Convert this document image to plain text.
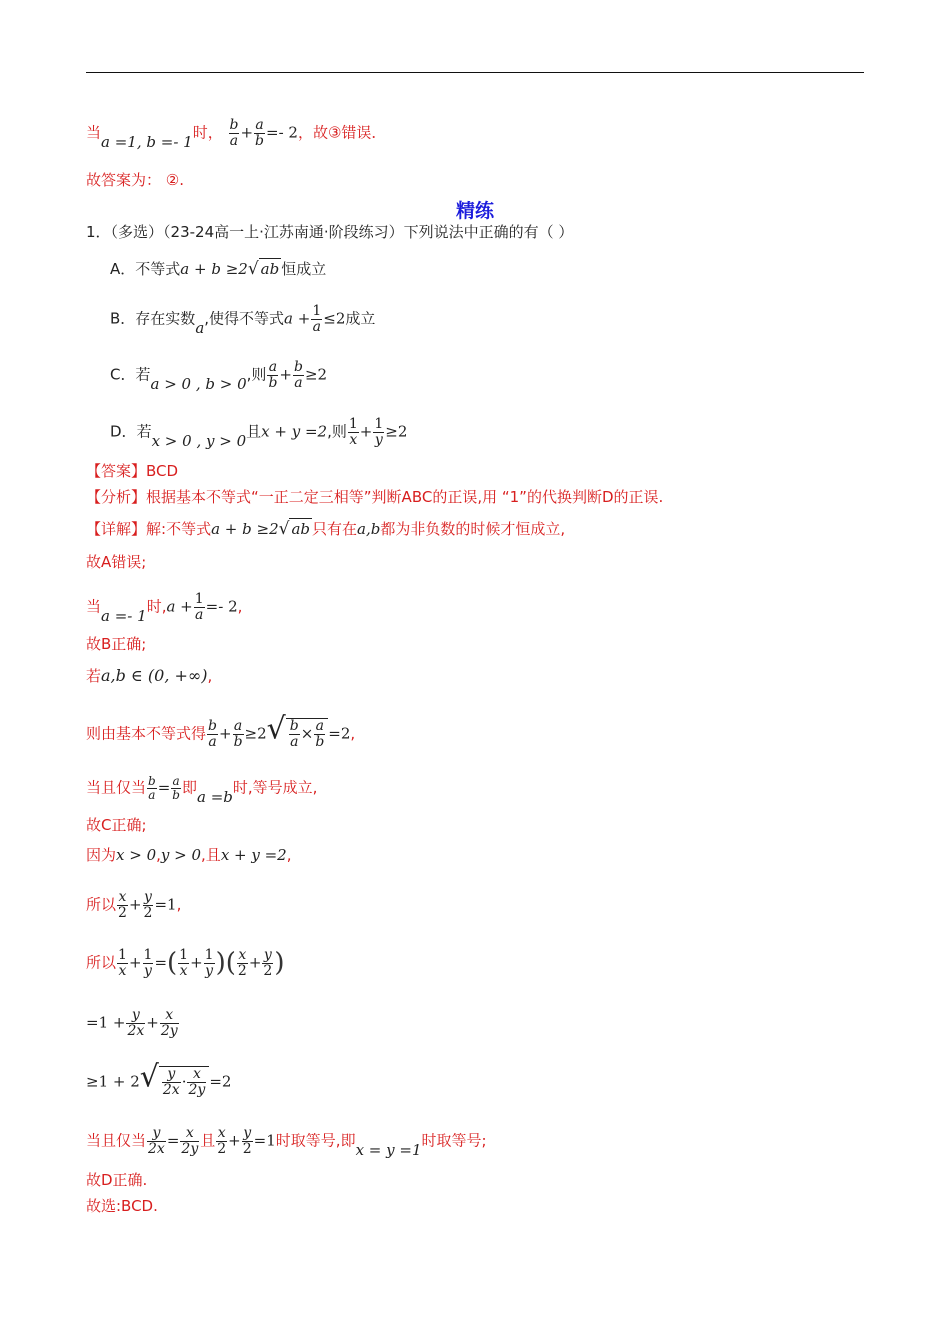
当a =1, b =- 1时， $\frac{b}{a} + \frac{a}{b} =- 2$，故③错误．
故答案为： ②.
精练
1．（多选）（23-24高一上·江苏南通·阶段练习）下列说法中正确的有（ ）
A．不等式a + b ≥2√ ab 恒成立
B．存在实数a,使得不等式$a + \frac{1}{a} \le 2$成立
C．若a > 0 , b > 0,则 $\frac{a}{b} + \frac{b}{a} \ge 2$
D．若x > 0 , y > 0且x + y =2,则 $\frac{1}{x} + \frac{1}{y} \ge 2$
【答案】BCD
【分析】根据基本不等式“一正二定三相等”判断ABC的正误,用 “1”的代换判断D的正误.
【详解】解:不等式a + b ≥2√ ab 只有在a,b都为非负数的时候才恒成立,
故A错误;
当a =- 1时$,a + \frac{1}{a} =- 2$,
故B正确;
若a,b ∈ (0, +∞),
则由基本不等式得 $\frac{b}{a} + \frac{a}{b} \ge 2√ \frac{b}{a} \times \frac{a}{b} =2$,
当且仅当 $\frac{b}{a} = \frac{a}{b}$ 即a =b时,等号成立,
故C正确;
因为x > 0,y > 0,且x + y =2,
所以 $\frac{x}{2} + \frac{y}{2} =1$,
所以 $\frac{1}{x} + \frac{1}{y}$ =( $\frac{1}{x} + \frac{1}{y}$ )( $\frac{x}{2} + \frac{y}{2}$ )
$=1 + \frac{y}{2x} + \frac{x}{2y}$
$\ge 1 + 2√ \frac{y}{2x} \cdot \frac{x}{2y} =2$
当且仅当 $\frac{y}{2x} = \frac{x}{2y}$ 且 $\frac{x}{2} + \frac{y}{2} =1$时取等号,即x = y =1时取等号;
故D正确.
故选:BCD.
